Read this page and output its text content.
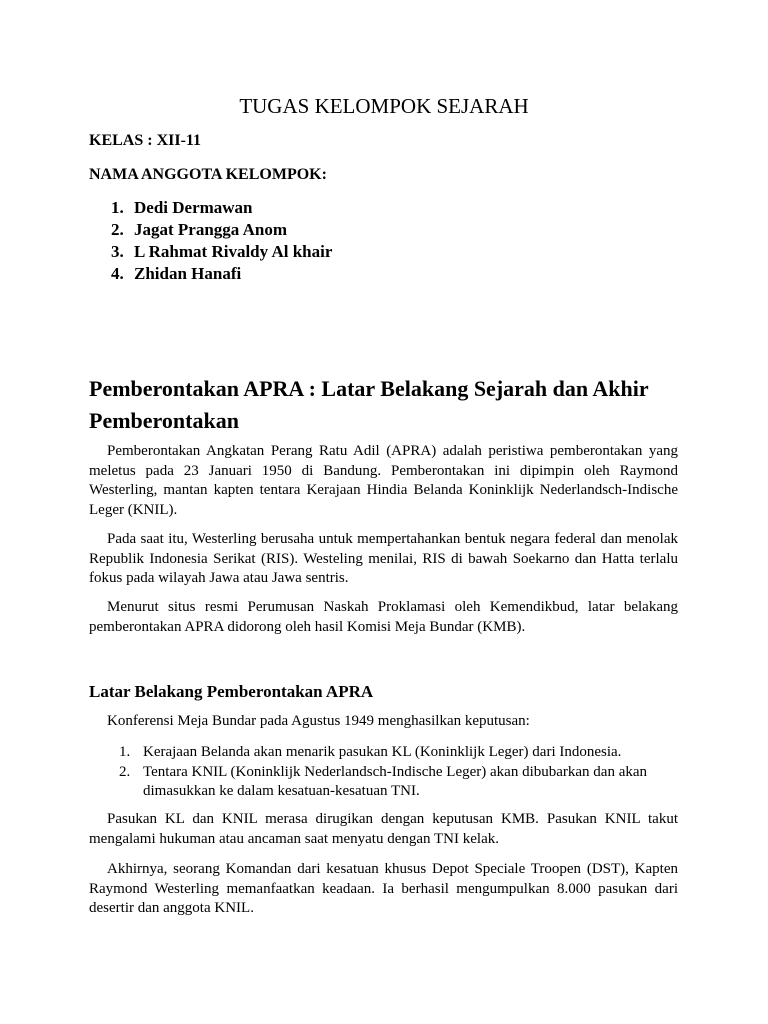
TUGAS KELOMPOK SEJARAH

KELAS : XII-11

NAMA ANGGOTA KELOMPOK:

1. Dedi Dermawan
2. Jagat Prangga Anom
3. L Rahmat Rivaldy Al khair
4. Zhidan Hanafi
Pemberontakan APRA : Latar Belakang Sejarah dan Akhir
Pemberontakan

Pemberontakan Angkatan Perang Ratu Adil (APRA) adalah peristiwa pemberontakan yang meletus pada 23 Januari 1950 di Bandung. Pemberontakan ini dipimpin oleh Raymond Westerling, mantan kapten tentara Kerajaan Hindia Belanda Koninklijk Nederlandsch-Indische Leger (KNIL).

Pada saat itu, Westerling berusaha untuk mempertahankan bentuk negara federal dan menolak Republik Indonesia Serikat (RIS). Westeling menilai, RIS di bawah Soekarno dan Hatta terlalu fokus pada wilayah Jawa atau Jawa sentris.

Menurut situs resmi Perumusan Naskah Proklamasi oleh Kemendikbud, latar belakang pemberontakan APRA didorong oleh hasil Komisi Meja Bundar (KMB).

Latar Belakang Pemberontakan APRA

Konferensi Meja Bundar pada Agustus 1949 menghasilkan keputusan:

1. Kerajaan Belanda akan menarik pasukan KL (Koninklijk Leger) dari Indonesia.
2. Tentara KNIL (Koninklijk Nederlandsch-Indische Leger) akan dibubarkan dan akan dimasukkan ke dalam kesatuan-kesatuan TNI.

Pasukan KL dan KNIL merasa dirugikan dengan keputusan KMB. Pasukan KNIL takut mengalami hukuman atau ancaman saat menyatu dengan TNI kelak.

Akhirnya, seorang Komandan dari kesatuan khusus Depot Speciale Troopen (DST), Kapten Raymond Westerling memanfaatkan keadaan. Ia berhasil mengumpulkan 8.000 pasukan dari desertir dan anggota KNIL.
